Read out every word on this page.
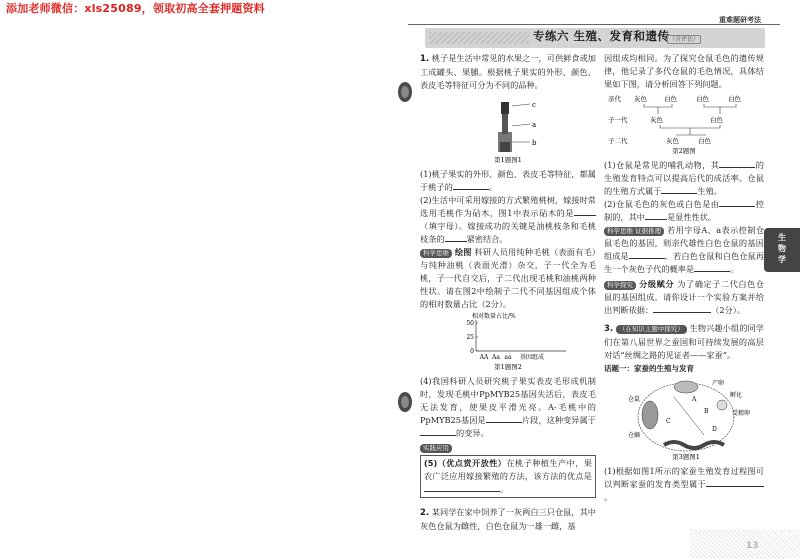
添加老师微信：xls25089，领取初高全套押题资料
重难题研考法
专练六 生殖、发育和遗传 （含评估）

1. 桃子是生活中常见的水果之一，可供鲜食或加工成罐头、果脯。根据桃子果实的外形、颜色、表皮毛等特征可分为不同的品种。

c
a
b
第1题图1

(1)桃子果实的外形、颜色、表皮毛等特征，都属于桃子的	。

(2)生活中可采用嫁接的方式繁殖桃树，嫁接时常选用毛桃作为砧木，图1中表示砧木的是（填字母）。嫁接成功的关键是油桃枝条和毛桃枝条的	紧密结合。

科学思维 绘图 科研人员用纯种毛桃（表面有毛）与纯种油桃（表面光滑）杂交，子一代全为毛桃，子一代自交后，子二代出现毛桃和油桃两种性状。请在图2中绘制子二代不同基因组成个体的相对数量占比（2分）。

相对数量占比/%
0
25
50
AA Aa aa 基因组成
第1题图2

(4)我国科研人员研究桃子果实表皮毛形成机制时，发现毛桃中PpMYB25基因失活后，表皮毛无法发育，使果皮平滑光亮。A-毛桃中的PpMYB25基因是	片段，这种变异属于的变异。

实践应用

(5)（优点赏开放性）在桃子种植生产中，果农广泛应用嫁接繁殖的方法，该方法的优点是。

2. 某同学在家中饲养了一灰两白三只仓鼠，其中灰色仓鼠为雌性，白色仓鼠为一雄一雌，基

因组成均相同。为了探究仓鼠毛色的遗传规律，他记录了多代仓鼠的毛色情况，具体结果如下图，请分析回答下列问题。

亲代
子一代
子二代
灰色	白色	白色	白色
灰色	白色
灰色	白色
第2题图

(1)仓鼠是常见的哺乳动物，其	的生殖发育特点可以提高后代的成活率。仓鼠的生殖方式属于	生殖。

(2)仓鼠毛色的灰色或白色是由	控制的，其中	是显性性状。

科学思维 证据推理 若用字母A、a表示控制仓鼠毛色的基因，则亲代雄性白色仓鼠的基因组成是	。若白色仓鼠和白色仓鼠再生一个灰色子代的概率是	。

科学探究 分级赋分 为了确定子二代白色仓鼠的基因组成，请你设计一个实验方案并给出判断依据：	（2分）。

3. （在知识主题中探究） 生物兴趣小组的同学们在第八届世界之蚕国和可持续发展的高层对话“丝绸之路的见证者——家蚕”。

话题一：家蚕的生殖与发育

产卵
孵化
受精卵
仓鼠
仓蛹
A
B
C
D
第3题图1

(1)根据如图1所示的家蚕生殖发育过程图可以判断家蚕的发育类型属于。

生物学
